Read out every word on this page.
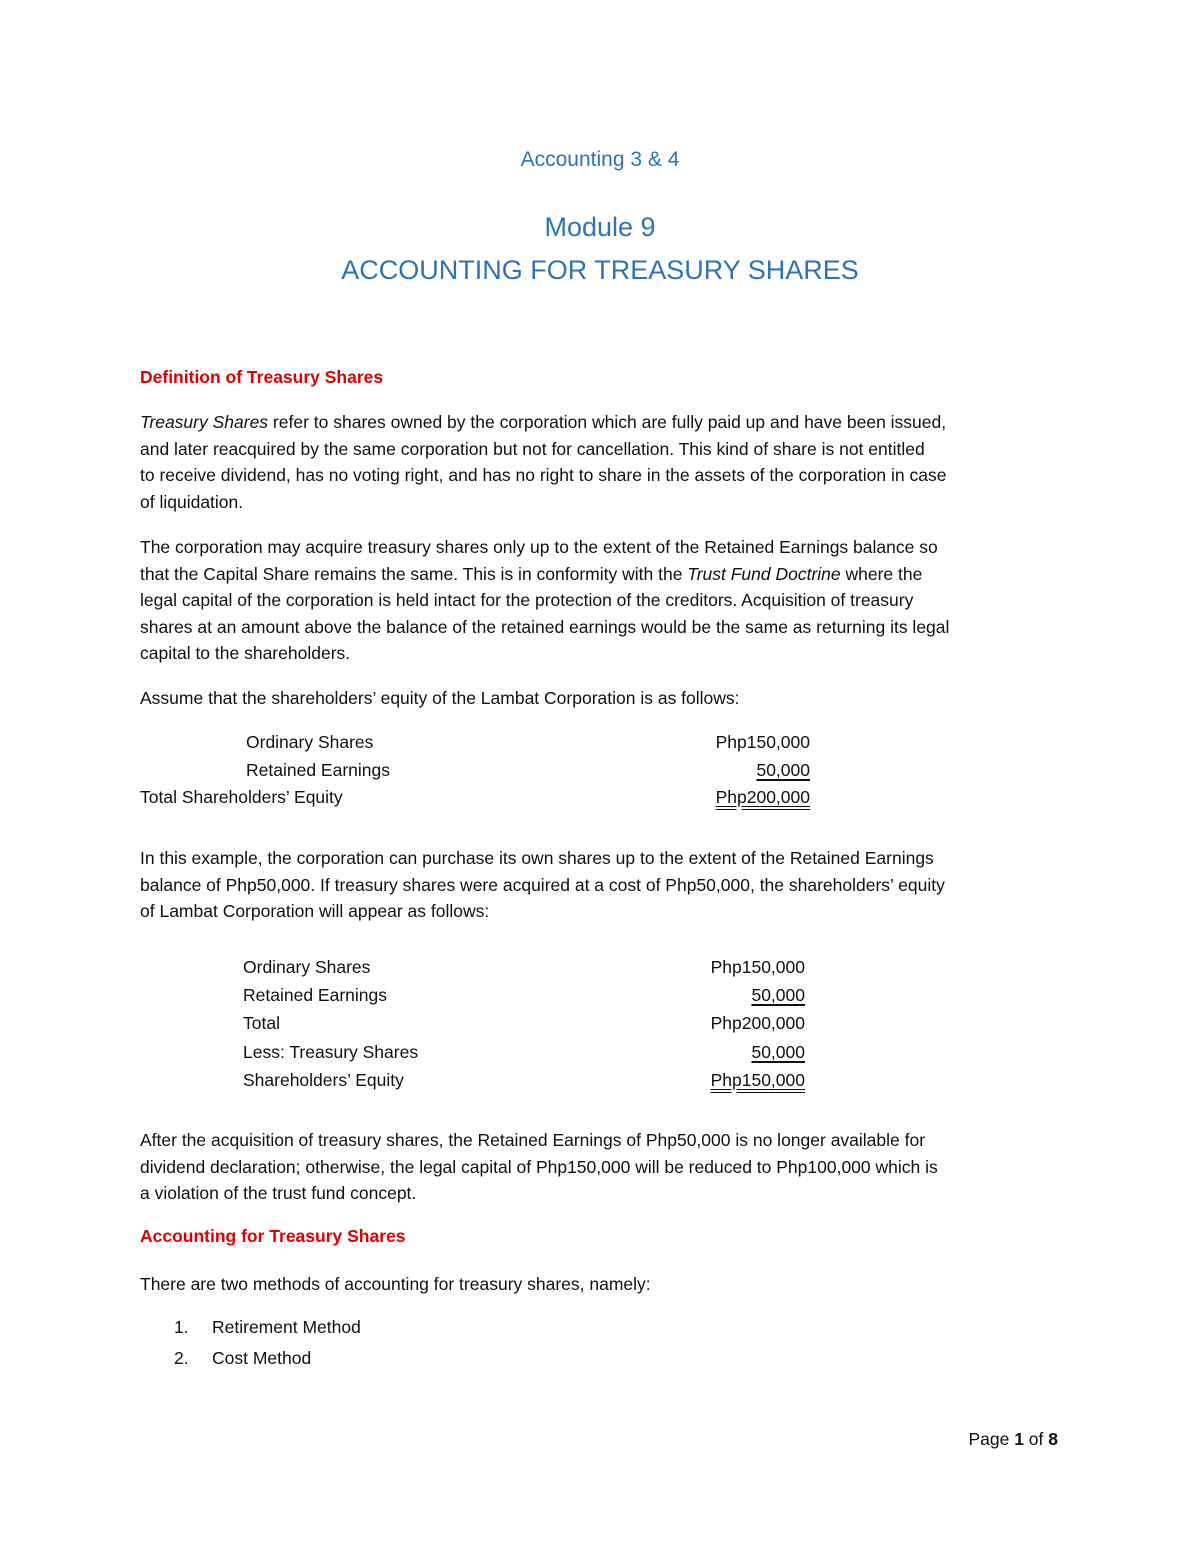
Accounting 3 & 4
Module 9
ACCOUNTING FOR TREASURY SHARES
Definition of Treasury Shares
Treasury Shares refer to shares owned by the corporation which are fully paid up and have been issued,
and later reacquired by the same corporation but not for cancellation. This kind of share is not entitled
to receive dividend, has no voting right, and has no right to share in the assets of the corporation in case
of liquidation.
The corporation may acquire treasury shares only up to the extent of the Retained Earnings balance so
that the Capital Share remains the same. This is in conformity with the Trust Fund Doctrine where the
legal capital of the corporation is held intact for the protection of the creditors. Acquisition of treasury
shares at an amount above the balance of the retained earnings would be the same as returning its legal
capital to the shareholders.
Assume that the shareholders’ equity of the Lambat Corporation is as follows:
Ordinary Shares	Php150,000
Retained Earnings	50,000
Total Shareholders’ Equity	Php200,000
In this example, the corporation can purchase its own shares up to the extent of the Retained Earnings
balance of Php50,000. If treasury shares were acquired at a cost of Php50,000, the shareholders’ equity
of Lambat Corporation will appear as follows:
Ordinary Shares	Php150,000
Retained Earnings	50,000
Total	Php200,000
Less: Treasury Shares	50,000
Shareholders’ Equity	Php150,000
After the acquisition of treasury shares, the Retained Earnings of Php50,000 is no longer available for
dividend declaration; otherwise, the legal capital of Php150,000 will be reduced to Php100,000 which is
a violation of the trust fund concept.
Accounting for Treasury Shares
There are two methods of accounting for treasury shares, namely:
1. Retirement Method
2. Cost Method
Page 1 of 8
